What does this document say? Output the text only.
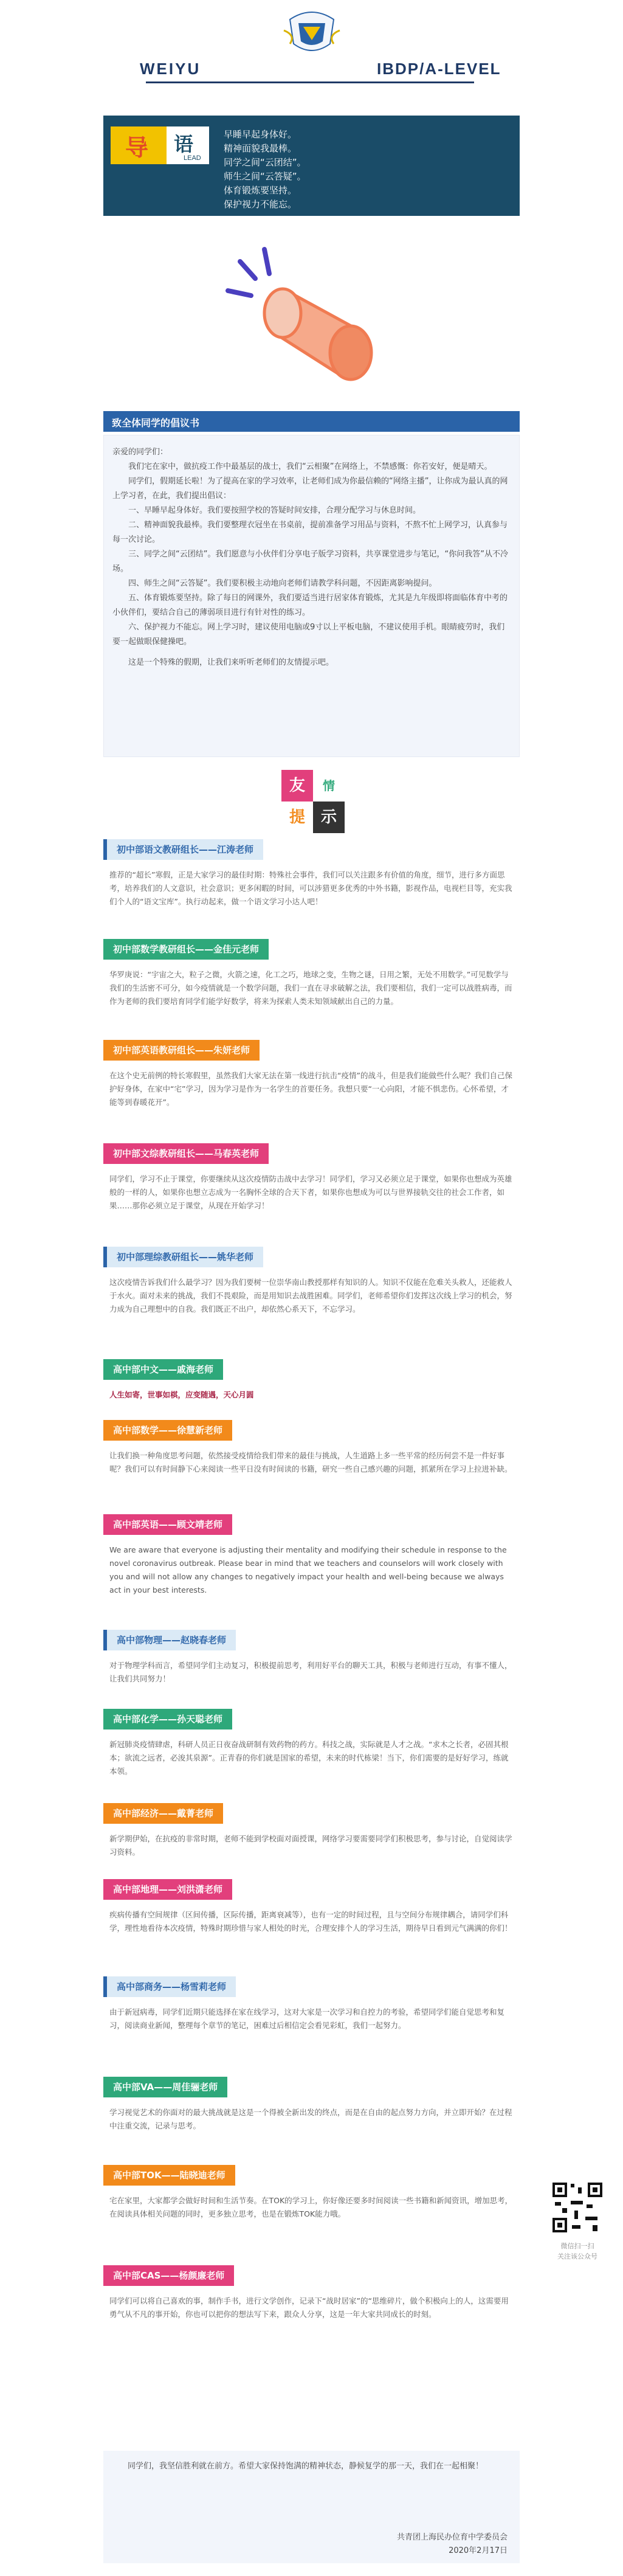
WEIYU	IBDP/A-LEVEL
导 语
LEAD
早睡早起身体好。
精神面貌我最棒。
同学之间“云团结”。
师生之间“云答疑”。
体育锻炼要坚持。
保护视力不能忘。
致全体同学的倡议书

亲爱的同学们：

我们宅在家中，做抗疫工作中最基层的战士，我们“云相聚”在网络上，不禁感慨：你若安好，便是晴天。

同学们，假期延长啦！为了提高在家的学习效率，让老师们成为你最信赖的“网络主播”，让你成为最认真的网上学习者，在此，我们提出倡议：

一、早睡早起身体好。我们要按照学校的答疑时间安排，合理分配学习与休息时间。

二、精神面貌我最棒。我们要整理衣冠坐在书桌前，提前准备学习用品与资料，不熬不忙上网学习，认真参与每一次讨论。

三、同学之间“云团结”。我们愿意与小伙伴们分享电子版学习资料，共享课堂进步与笔记，“你问我答”从不冷场。

四、师生之间“云答疑”。我们要积极主动地向老师们请教学科问题，不因距离影响提问。

五、体育锻炼要坚持。除了每日的网课外，我们要适当进行居家体育锻炼，尤其是九年级即将面临体育中考的小伙伴们，要结合自己的薄弱项目进行有针对性的练习。

六、保护视力不能忘。网上学习时，建议使用电脑或9寸以上平板电脑，不建议使用手机。眼睛疲劳时，我们要一起做眼保健操吧。

这是一个特殊的假期，让我们来听听老师们的友情提示吧。

友	情
提 示
初中部语文教研组长——江涛老师

推荐的“超长”寒假，正是大家学习的最佳时期：特殊社会事件，我们可以关注跟多有价值的角度，细节，进行多方面思考，培养我们的人文意识，社会意识；更多闲暇的时间，可以涉猎更多优秀的中外书籍，影视作品，电视栏目等，充实我们个人的“语文宝库”。执行动起来，做一个语文学习小达人吧！

初中部数学教研组长——金佳元老师

华罗庚说：“宇宙之大，粒子之微，火箭之速，化工之巧，地球之变，生物之谜，日用之繁，无处不用数学。”可见数学与我们的生活密不可分，如今疫情就是一个数学问题，我们一直在寻求破解之法，我们要相信，我们一定可以战胜病毒，而作为老师的我们要培育同学们能学好数学，将来为探索人类未知领域献出自己的力量。

初中部英语教研组长——朱妍老师

在这个史无前例的特长寒假里，虽然我们大家无法在第一线进行抗击“疫情”的战斗，但是我们能做些什么呢？我们自己保护好身体，在家中“宅”学习，因为学习是作为一名学生的首要任务。我想只要“一心向阳，才能不惧悲伤。心怀希望，才能等到春暖花开”。

初中部文综教研组长——马春英老师

同学们，学习不止于课堂，你要继续从这次疫情防击战中去学习！同学们，学习又必须立足于课堂，如果你也想成为英雄般的一样的人，如果你也想立志成为一名胸怀全球的合天下者，如果你也想成为可以与世界接轨交往的社会工作者，如果……那你必须立足于课堂，从现在开始学习！

初中部理综教研组长——姚华老师

这次疫情告诉我们什么最学习？因为我们要树一位崇华南山教授那样有知识的人。知识不仅能在危难关头救人，还能救人于水火。面对未来的挑战，我们不畏艰险，而是用知识去战胜困难。同学们，老师希望你们发挥这次线上学习的机会，努力成为自己理想中的自我。我们既正不出户，却依然心系天下，不忘学习。

高中部中文——戚海老师

人生如寄，世事如棋，应变随遇，天心月圆

高中部数学——徐慧新老师

让我们换一种角度思考问题，依然接受疫情给我们带来的最佳与挑战，人生道路上多一些平常的经历何尝不是一件好事呢？我们可以有时间静下心来阅读一些平日没有时间读的书籍，研究一些自己感兴趣的问题，抓紧所在学习上拉进补缺。

高中部英语——顾文靖老师

We are aware that everyone is adjusting their mentality and modifying their schedule in response to the novel coronavirus outbreak. Please bear in mind that we teachers and counselors will work closely with you and will not allow any changes to negatively impact your health and well-being because we always act in your best interests.

高中部物理——赵晓春老师

对于物理学科而言，希望同学们主动复习，积极提前思考，利用好平台的聊天工具，积极与老师进行互动，有事不懂人，让我们共同努力！

高中部化学——孙天聪老师

新冠肺炎疫情肆虐，科研人员正日夜奋战研制有效药物的药方。科技之战，实际就是人才之战。“求木之长者，必固其根本；欲流之远者，必浚其泉源”。正青春的你们就是国家的希望，未来的时代栋梁！当下，你们需要的是好好学习，练就本领。

高中部经济——戴菁老师

新学期伊始，在抗疫的非常时期，老师不能到学校面对面授课，网络学习要需要同学们积极思考，参与讨论，自觉阅读学习资料。

高中部地理——刘洪潇老师

疾病传播有空间规律（区间传播，区际传播，距离衰减等），也有一定的时间过程，且与空间分布规律耦合，请同学们科学，理性地看待本次疫情，特殊时期珍惜与家人相处的时光，合理安排个人的学习生活，期待早日看到元气满满的你们！

高中部商务——杨雪莉老师

由于新冠病毒，同学们近期只能选择在家在线学习，这对大家是一次学习和自控力的考验，希望同学们能自觉思考和复习，阅读商业新闻，整理每个章节的笔记，困难过后相信定会看见彩虹，我们一起努力。

高中部VA——周佳骊老师

学习视觉艺术的你面对的最大挑战就是这是一个得被全新出发的终点，而是在自由的起点努力方向，并立即开始？在过程中注重交流，记录与思考。

高中部TOK——陆晓迪老师

宅在家里，大家都学会做好时间和生活节奏。在TOK的学习上，你好像还要多时间阅读一些书籍和新闻资讯，增加思考，在阅读具体相关问题的同时，更多独立思考，也是在锻炼TOK能力哦。

高中部CAS——杨颜廉老师

同学们可以将自己喜欢的事，制作手书，进行文学创作，记录下“战时居家”的“思维碎片，做个积极向上的人，这需要用勇气从不凡的事开始，你也可以把你的想法写下来，跟众人分享，这是一年大家共同成长的时刻。

微信扫一扫
关注该公众号
同学们，我坚信胜利就在前方。希望大家保持饱满的精神状态，静候复学的那一天，我们在一起相聚！
共青团上海民办位育中学委员会
2020年2月17日
